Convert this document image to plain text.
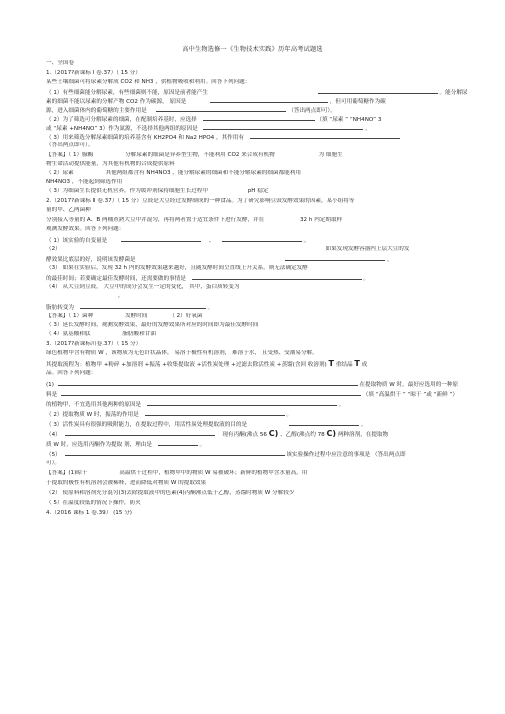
高中生物选修一《生物技术实践》历年高考试题选
一、全国卷
1.（2017?新课标 Ⅰ 卷.37）（ 15 分）
某些土壤细菌可将尿素分解成 CO2 和 NH3 ，供植物吸收和利用。回答下列问题：
（ 1）有些细菌能分解尿素，有些细菌则不能，原因是前者能产生	。能分解尿
素的细菌不能以尿素的分解产物 CO2 作为碳源， 原因是	，但可用葡萄糖作为碳
源，进入细菌体内的葡萄糖的主要作用是	（答出两点即可）。
（ 2）为了筛选可分解尿素的细菌，在配制培养基时，应选择	（填 “尿素 ” “NH4NO” 3
或 “尿素 +NH4NO” 3）作为氮源，不选择其他两组的原因是	。
（ 3）用来筛选分解尿素细菌的培养基含有 KH2PO4 和 Na2 HPO4 ，其作用有
（答出两点即可）。
【答案】（ 1）脲酶	分解尿素的细菌是异养型生物，不能利用 CO2 来合成有机物	为 细胞生
物生命活动提供能量，为其他有机物的合成提供原料
（ 2）尿素	其他两组都含有 NH4NO3 ，能分解尿素的细菌和不能分解尿素的细菌都能利用
NH4NO3 ，不能起到筛选作用
（ 3）为细菌生长提供无机营养，作为缓冲剂保持细胞生长过程中	pH 稳定
2.（2017?新课标 Ⅱ 卷.37）（ 15 分）豆豉是大豆经过发酵制成的一种食品。为了研究影响豆豉发酵效果的因素，某小组将等
量的甲、乙两菌种
分别接入等量的 A、B 两桶煮熟大豆中并混匀，再将两者置于适宜条件下进行发酵，并在	32 h 内定期取样
观测发酵效果。回答下列问题：
（ 1）该实验的自变量是	、	。
（2）	如果发现发酵容器内上层大豆的发
酵效果比底层的好，说明该发酵菌是	。
（3） 如果在实验后，发现 32 h 内的发酵效果越来越好，且随发酵时间呈直线上升关系，则无法确定发酵
的最佳时间；若要确定最佳发酵时间，还需要做的事情是	。
（4） 从大豆到豆豉， 大豆中的成分会发生一定的变化， 其中，蛋白质转变为
，
脂肪转变为	。
【答案】（ 1）菌种	发酵时间	（ 2）好氧菌
（ 3）延长发酵时间，观测发酵效果，最好的发酵效果所对应的时间即为最佳发酵时间
（ 4）氨基酸和肽	脂肪酸和甘油
3.（2017?新课标川卷.37）（ 15 分）
绿色植物甲含有物质 W ，该物质为无色针状晶体， 易溶于极性有机溶剂， 难溶于水， 且受热、受潮易分解。
其提取流程为：植物甲 +粉碎 +加溶剂 +振荡 +收集提取液 +活性炭处理 +过滤去除活性炭 +蒸馏(含回 收溶剂) T 重结晶 T 成
品。回答下列问题：
(1)	在提取物质 W 时，最好应选用的一种原
料是	（填 “高温烘干 ” “晾干 ”或 “新鲜 ”）
的植物甲，不宜选用其他两种的原因是	。
（ 2）提取物质 W 时，振荡的作用是	。
（ 3）活性炭具有很强的吸附能力，在提取过程中，用活性炭处理提取液的目的是	。
（4）	现有丙酮(沸点 56 C) 、乙醇(沸点约 78 C) 两种溶剂，在提取物
质 W 时，应选用丙酮作为提取 剂，理由是	。
（5）	该实验操作过程中应注意的事项是 （答出两点即
可）。
【答案】(1)晾干	高温烘干过程中，植物甲中的物质 W 易被破坏；新鲜的植物甲含水量高，用
于提取的极性有机溶剂会被稀释，进而降低对物质 W 的提取效果
（2） 使原料和溶剂充分混匀(3)去除提取液中的色素(4)丙酮沸点低于乙醇，蒸馏时物质 W 分解较少
（ 5）在温度较低的情况下操作，防火
4.（2016 课标 1 卷.39） (15 分)
